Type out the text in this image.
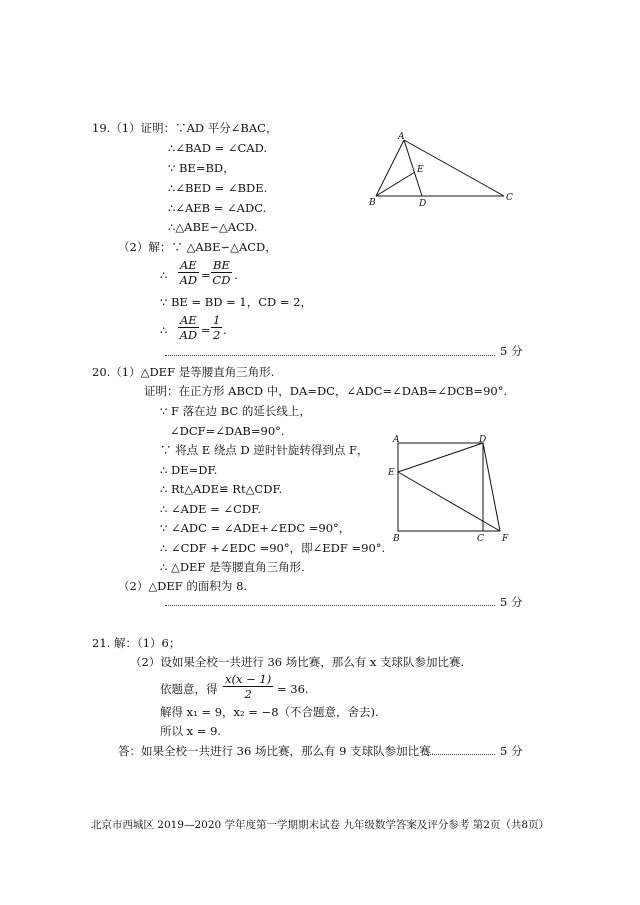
19.（1）证明：∵AD 平分∠BAC，
∴∠BAD = ∠CAD.
∵ BE=BD，
∴∠BED = ∠BDE.
∴∠AEB = ∠ADC.
∴△ABE∽△ACD.
（2）解：∵ △ABE∽△ACD，
∴ $\frac{AE}{AD} = \frac{BE}{CD}$ .
∵ BE = BD = 1，CD = 2，
∴ $\frac{AE}{AD} = \frac{1}{2}$ .
5 分
A
B	C
D
E
20.（1）△DEF 是等腰直角三角形.
证明：在正方形 ABCD 中，DA=DC，∠ADC=∠DAB=∠DCB=90°.
∵ F 落在边 BC 的延长线上，
∠DCF=∠DAB=90°.
∵ 将点 E 绕点 D 逆时针旋转得到点 F，
∴ DE=DF.
∴ Rt△ADE≌ Rt△CDF.
∴ ∠ADE = ∠CDF.
∵ ∠ADC = ∠ADE+∠EDC =90°，
∴ ∠CDF +∠EDC =90°，即∠EDF =90°.
∴ △DEF 是等腰直角三角形.
（2）△DEF 的面积为 8.
5 分
A	D
E
B	C F
21. 解：（1）6；
（2）设如果全校一共进行 36 场比赛，那么有 x 支球队参加比赛.
依题意，得 $\frac{x(x - 1)}{2} = 36$.
解得 x₁ = 9，x₂ = −8（不合题意，舍去).
所以 x = 9.
答：如果全校一共进行 36 场比赛，那么有 9 支球队参加比赛.	5 分
北京市西城区 2019—2020 学年度第一学期期末试卷 九年级数学答案及评分参考 第2页（共8页）
